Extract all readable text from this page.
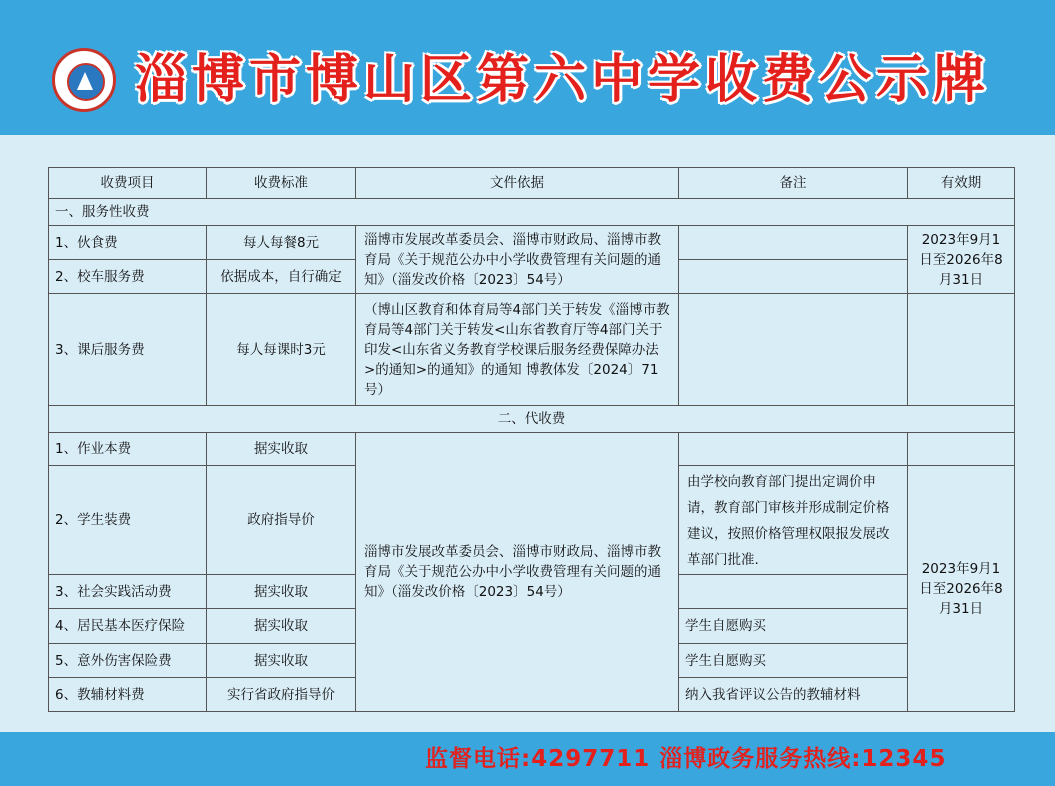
淄博市博山区第六中学收费公示牌
收费项目	收费标准	文件依据	备注	有效期
一、服务性收费				
1、伙食费	每人每餐8元	淄博市发展改革委员会、淄博市财政局、淄博市教育局《关于规范公办中小学收费管理有关问题的通知》（淄发改价格〔2023〕54号）		2023年9月1日至2026年8月31日
2、校车服务费	依据成本，自行确定			
3、课后服务费	每人每课时3元	（博山区教育和体育局等4部门关于转发《淄博市教育局等4部门关于转发<山东省教育厅等4部门关于印发<山东省义务教育学校课后服务经费保障办法>的通知>的通知》的通知 博教体发〔2024〕71号）		
二、代收费				
1、作业本费	据实收取	淄博市发展改革委员会、淄博市财政局、淄博市教育局《关于规范公办中小学收费管理有关问题的通知》（淄发改价格〔2023〕54号）		
2、学生装费	政府指导价		由学校向教育部门提出定调价申请，教育部门审核并形成制定价格建议，按照价格管理权限报发展改革部门批准.	2023年9月1日至2026年8月31日
3、社会实践活动费	据实收取			
4、居民基本医疗保险	据实收取		学生自愿购买	
5、意外伤害保险费	据实收取		学生自愿购买	
6、教辅材料费	实行省政府指导价		纳入我省评议公告的教辅材料	
监督电话:4297711 淄博政务服务热线:12345
